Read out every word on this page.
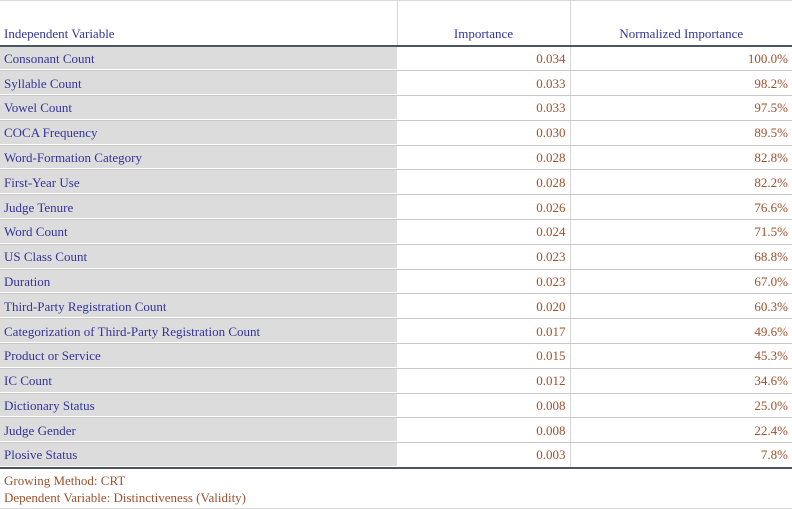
Independent Variable	Importance	Normalized Importance
Consonant Count	0.034	100.0%
Syllable Count	0.033	98.2%
Vowel Count	0.033	97.5%
COCA Frequency	0.030	89.5%
Word-Formation Category	0.028	82.8%
First-Year Use	0.028	82.2%
Judge Tenure	0.026	76.6%
Word Count	0.024	71.5%
US Class Count	0.023	68.8%
Duration	0.023	67.0%
Third-Party Registration Count	0.020	60.3%
Categorization of Third-Party Registration Count	0.017	49.6%
Product or Service	0.015	45.3%
IC Count	0.012	34.6%
Dictionary Status	0.008	25.0%
Judge Gender	0.008	22.4%
Plosive Status	0.003	7.8%
Growing Method: CRT
Dependent Variable: Distinctiveness (Validity)
